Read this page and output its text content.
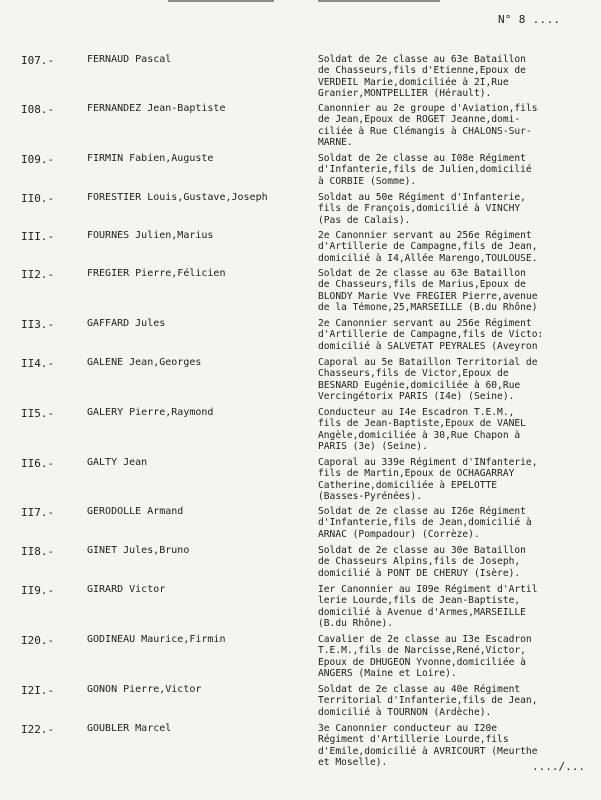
N° 8 ....
I07.-	FERNAUD Pascal	Soldat de 2e classe au 63e Bataillon
de Chasseurs,fils d'Etienne,Epoux de
VERDEIL Marie,domiciliée à 2I,Rue
Granier,MONTPELLIER (Hérault).
I08.-	FERNANDEZ Jean-Baptiste	Canonnier au 2e groupe d'Aviation,fils
de Jean,Epoux de ROGET Jeanne,domi-
ciliée à Rue Clémangis à CHALONS-Sur-
MARNE.
I09.-	FIRMIN Fabien,Auguste	Soldat de 2e classe au I08e Régiment
d'Infanterie,fils de Julien,domicilié
à CORBIE (Somme).
II0.-	FORESTIER Louis,Gustave,Joseph	Soldat au 50e Régiment d'Infanterie,
fils de François,domicilié à VINCHY
(Pas de Calais).
III.-	FOURNES Julien,Marius	2e Canonnier servant au 256e Régiment
d'Artillerie de Campagne,fils de Jean,
domicilié à I4,Allée Marengo,TOULOUSE.
II2.-	FREGIER Pierre,Félicien	Soldat de 2e classe au 63e Bataillon
de Chasseurs,fils de Marius,Epoux de
BLONDY Marie Vve FREGIER Pierre,avenue
de la Témone,25,MARSEILLE (B.du Rhône)
II3.-	GAFFARD Jules	2e Canonnier servant au 256e Régiment
d'Artillerie de Campagne,fils de Victo:
domicilié à SALVETAT PEYRALES (Aveyron
II4.-	GALENE Jean,Georges	Caporal au 5e Bataillon Territorial de
Chasseurs,fils de Victor,Epoux de
BESNARD Eugénie,domiciliée à 60,Rue
Vercingétorix PARIS (I4e) (Seine).
II5.-	GALERY Pierre,Raymond	Conducteur au I4e Escadron T.E.M.,
fils de Jean-Baptiste,Epoux de VANEL
Angèle,domiciliée à 30,Rue Chapon à
PARIS (3e) (Seine).
II6.-	GALTY Jean	Caporal au 339e Régiment d'INfanterie,
fils de Martin,Epoux de OCHAGARRAY
Catherine,domiciliée à EPELOTTE
(Basses-Pyrénées).
II7.-	GERODOLLE Armand	Soldat de 2e classe au I26e Régiment
d'Infanterie,fils de Jean,domicilié à
ARNAC (Pompadour) (Corrèze).
II8.-	GINET Jules,Bruno	Soldat de 2e classe au 30e Bataillon
de Chasseurs Alpins,fils de Joseph,
domicilié à PONT DE CHERUY (Isère).
II9.-	GIRARD Victor	Ier Canonnier au I09e Régiment d'Artil
lerie Lourde,fils de Jean-Baptiste,
domicilié à Avenue d'Armes,MARSEILLE
(B.du Rhône).
I20.-	GODINEAU Maurice,Firmin	Cavalier de 2e classe au I3e Escadron
T.E.M.,fils de Narcisse,René,Victor,
Epoux de DHUGEON Yvonne,domiciliée à
ANGERS (Maine et Loire).
I2I.-	GONON Pierre,Victor	Soldat de 2e classe au 40e Régiment
Territorial d'Infanterie,fils de Jean,
domicilié à TOURNON (Ardèche).
I22.-	GOUBLER Marcel	3e Canonnier conducteur au I20e
Régiment d'Artillerie Lourde,fils
d'Emile,domicilié à AVRICOURT (Meurthe
et Moselle).	..../...
